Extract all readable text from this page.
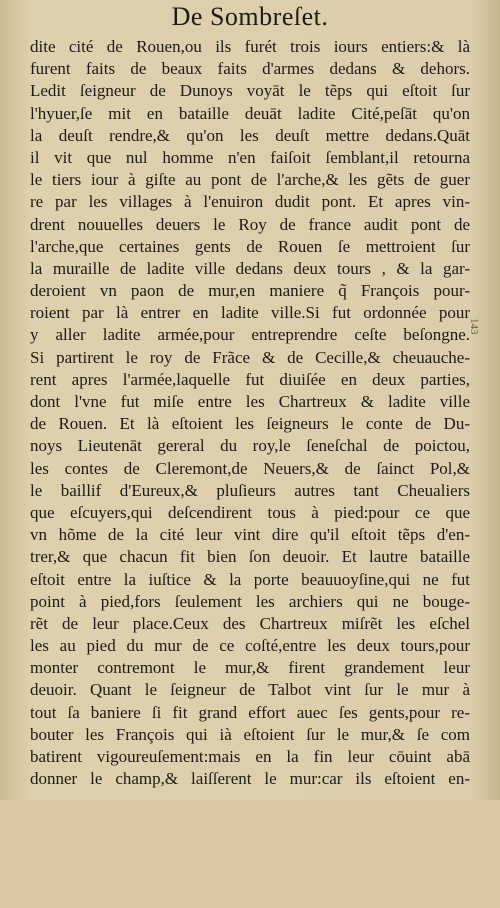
De Sombreſet.
dite cité de Rouen,ou ils furét trois iours entiers:& là
furent faits de beaux faits d'armes dedans & dehors.
Ledit ſeigneur de Dunoys voyāt le tẽps qui eſtoit ſur
l'hyuer,ſe mit en bataille deuāt ladite Cité,peſāt qu'on
la deuſt rendre,& qu'on les deuſt mettre dedans.Quāt
il vit que nul homme n'en faiſoit ſemblant,il retourna
le tiers iour à giſte au pont de l'arche,& les gẽts de guer
re par les villages à l'enuiron dudit pont. Et apres vin-
drent nouuelles deuers le Roy de france audit pont de
l'arche,que certaines gents de Rouen ſe mettroient ſur
la muraille de ladite ville dedans deux tours , & la gar-
deroient vn paon de mur,en maniere q̃ François pour-
roient par là entrer en ladite ville.Si fut ordonnée pour
y aller ladite armée,pour entreprendre ceſte beſongne.
Si partirent le roy de Frãce & de Cecille,& cheuauche-
rent apres l'armée,laquelle fut diuiſée en deux parties,
dont l'vne fut miſe entre les Chartreux & ladite ville
de Rouen. Et là eſtoient les ſeigneurs le conte de Du-
noys Lieutenāt gereral du roy,le ſeneſchal de poictou,
les contes de Cleremont,de Neuers,& de ſainct Pol,&
le baillif d'Eureux,& pluſieurs autres tant Cheualiers
que eſcuyers,qui deſcendirent tous à pied:pour ce que
vn hõme de la cité leur vint dire qu'il eſtoit tẽps d'en-
trer,& que chacun fit bien ſon deuoir. Et lautre bataille
eſtoit entre la iuſtice & la porte beauuoyſine,qui ne fut
point à pied,fors ſeulement les archiers qui ne bouge-
rẽt de leur place.Ceux des Chartreux miſrẽt les eſchel
les au pied du mur de ce coſté,entre les deux tours,pour
monter contremont le mur,& firent grandement leur
deuoir. Quant le ſeigneur de Talbot vint ſur le mur à
tout ſa baniere ſi fit grand effort auec ſes gents,pour re-
bouter les François qui ià eſtoient ſur le mur,& ſe com
batirent vigoureuſement:mais en la fin leur cōuint abā
donner le champ,& laiſſerent le mur:car ils eſtoient en-
143
